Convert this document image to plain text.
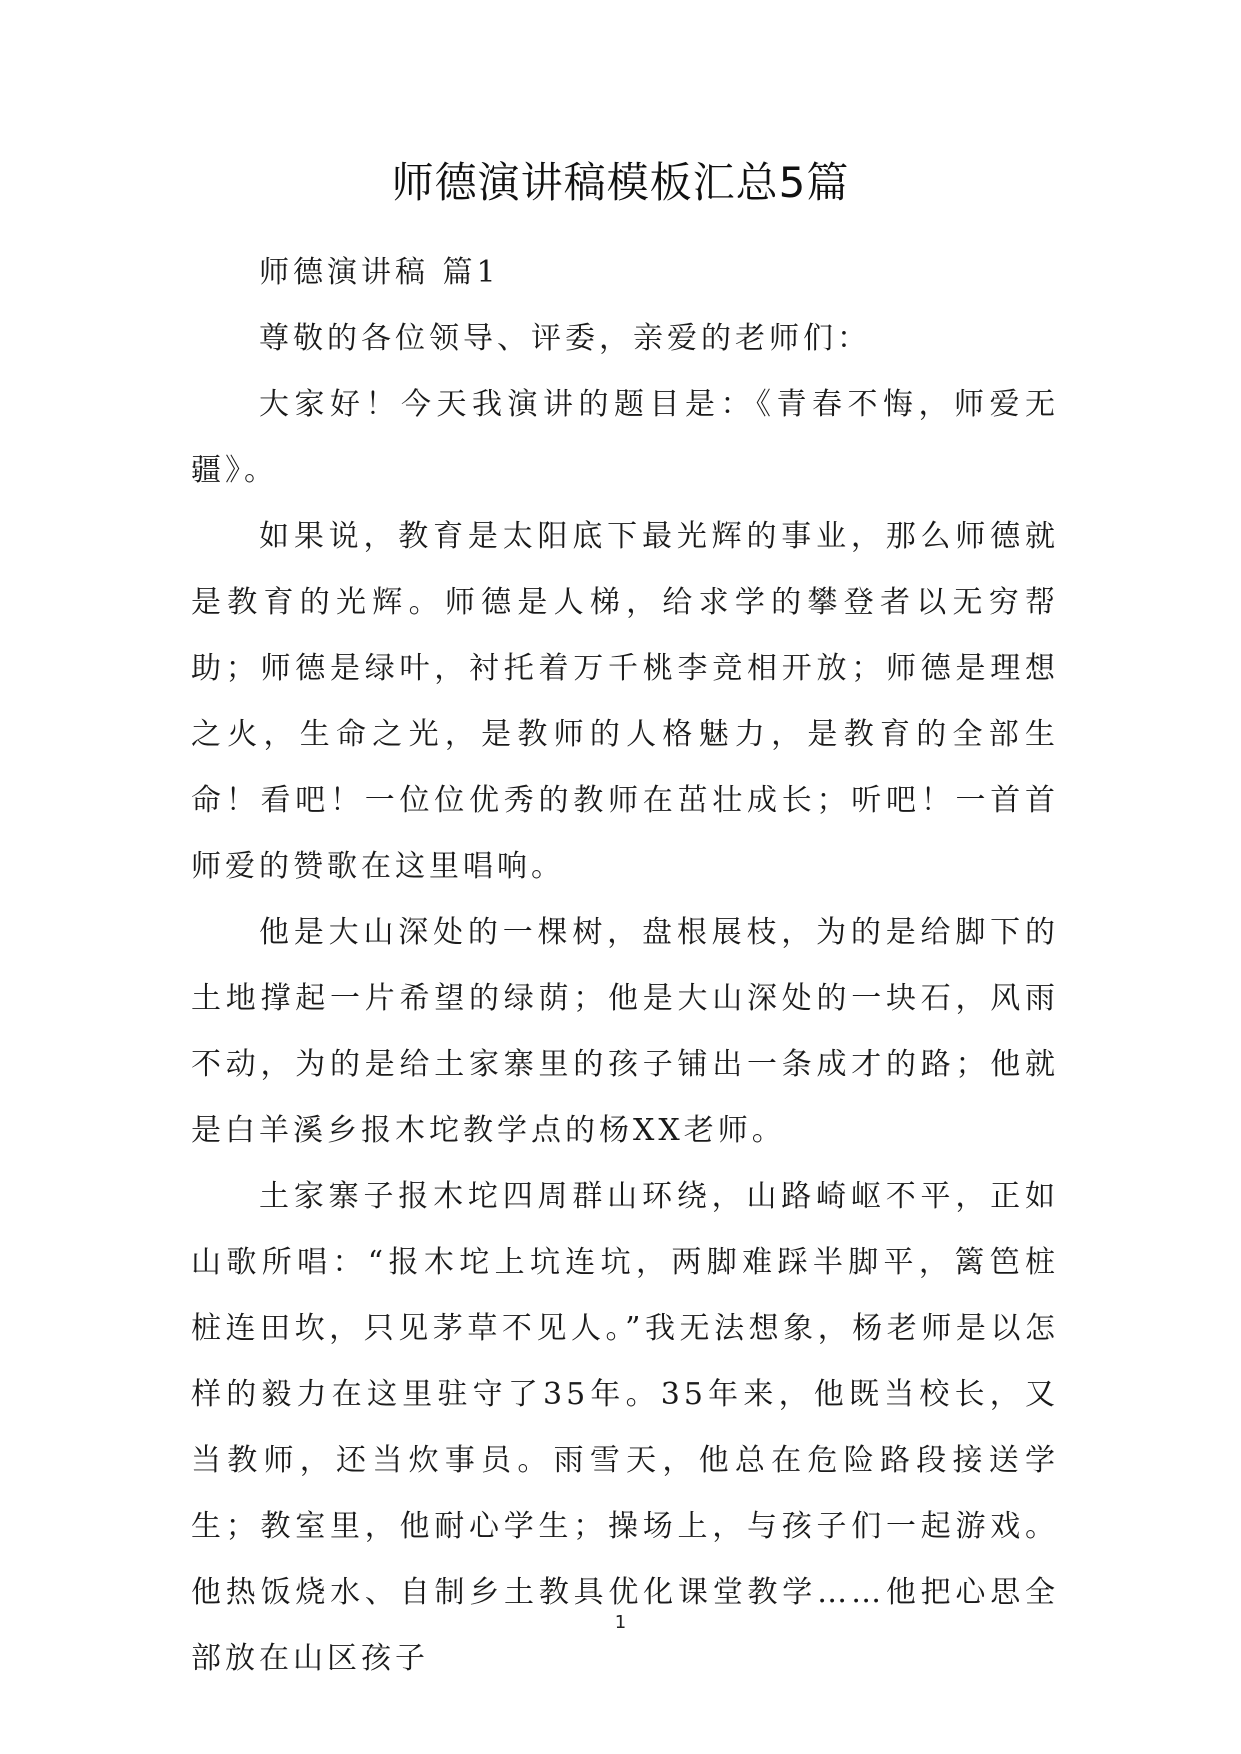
师德演讲稿模板汇总5篇

师德演讲稿 篇1

尊敬的各位领导、评委，亲爱的老师们：

大家好！今天我演讲的题目是：《青春不悔，师爱无疆》。

如果说，教育是太阳底下最光辉的事业，那么师德就是教育的光辉。师德是人梯，给求学的攀登者以无穷帮助；师德是绿叶，衬托着万千桃李竞相开放；师德是理想之火，生命之光，是教师的人格魅力，是教育的全部生命！看吧！一位位优秀的教师在茁壮成长；听吧！一首首师爱的赞歌在这里唱响。

他是大山深处的一棵树，盘根展枝，为的是给脚下的土地撑起一片希望的绿荫；他是大山深处的一块石，风雨不动，为的是给土家寨里的孩子铺出一条成才的路；他就是白羊溪乡报木坨教学点的杨XX老师。

土家寨子报木坨四周群山环绕，山路崎岖不平，正如山歌所唱：“报木坨上坑连坑，两脚难踩半脚平，篱笆桩桩连田坎，只见茅草不见人。”我无法想象，杨老师是以怎样的毅力在这里驻守了35年。35年来，他既当校长，又当教师，还当炊事员。雨雪天，他总在危险路段接送学生；教室里，他耐心学生；操场上，与孩子们一起游戏。他热饭烧水、自制乡土教具优化课堂教学……他把心思全部放在山区孩子

1
